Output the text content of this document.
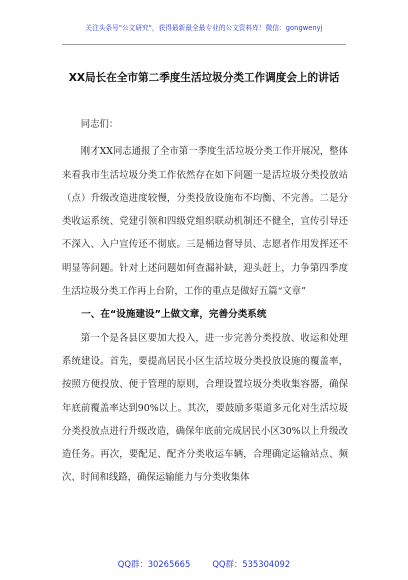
关注头条号"公文研究"，获得最新最全最专业的公文资料库！微信：gongwenyj
XX局长在全市第二季度生活垃圾分类工作调度会上的讲话

同志们：

刚才XX同志通报了全市第一季度生活垃圾分类工作开展况，整体来看我市生活垃圾分类工作依然存在如下问题一是活垃圾分类投放站（点）升级改造进度较慢，分类投放设施布不均衡、不完善。二是分类收运系统、党建引领和四级党组织联动机制还不健全，宣传引导还不深入、入户宣传还不彻底。三是桶边督导员、志愿者作用发挥还不明显等问题。针对上述问题如何查漏补缺，迎头赶上，力争第四季度生活垃圾分类工作再上台阶，工作的重点是做好五篇“文章”

一、在“设施建设”上做文章，完善分类系统

第一个是各县区要加大投入，进一步完善分类投放、收运和处理系统建设。首先，要提高居民小区生活垃圾分类投放设施的覆盖率，按照方便投放、便于管理的原则，合理设置垃圾分类收集容器，确保年底前覆盖率达到90%以上。其次，要鼓励多渠道多元化对生活垃圾分类投放点进行升级改造，确保年底前完成居民小区30%以上升级改造任务。再次，要配足、配齐分类收运车辆，合理确定运输站点、频次、时间和线路，确保运输能力与分类收集体

QQ群：30265665	QQ群：535304092
